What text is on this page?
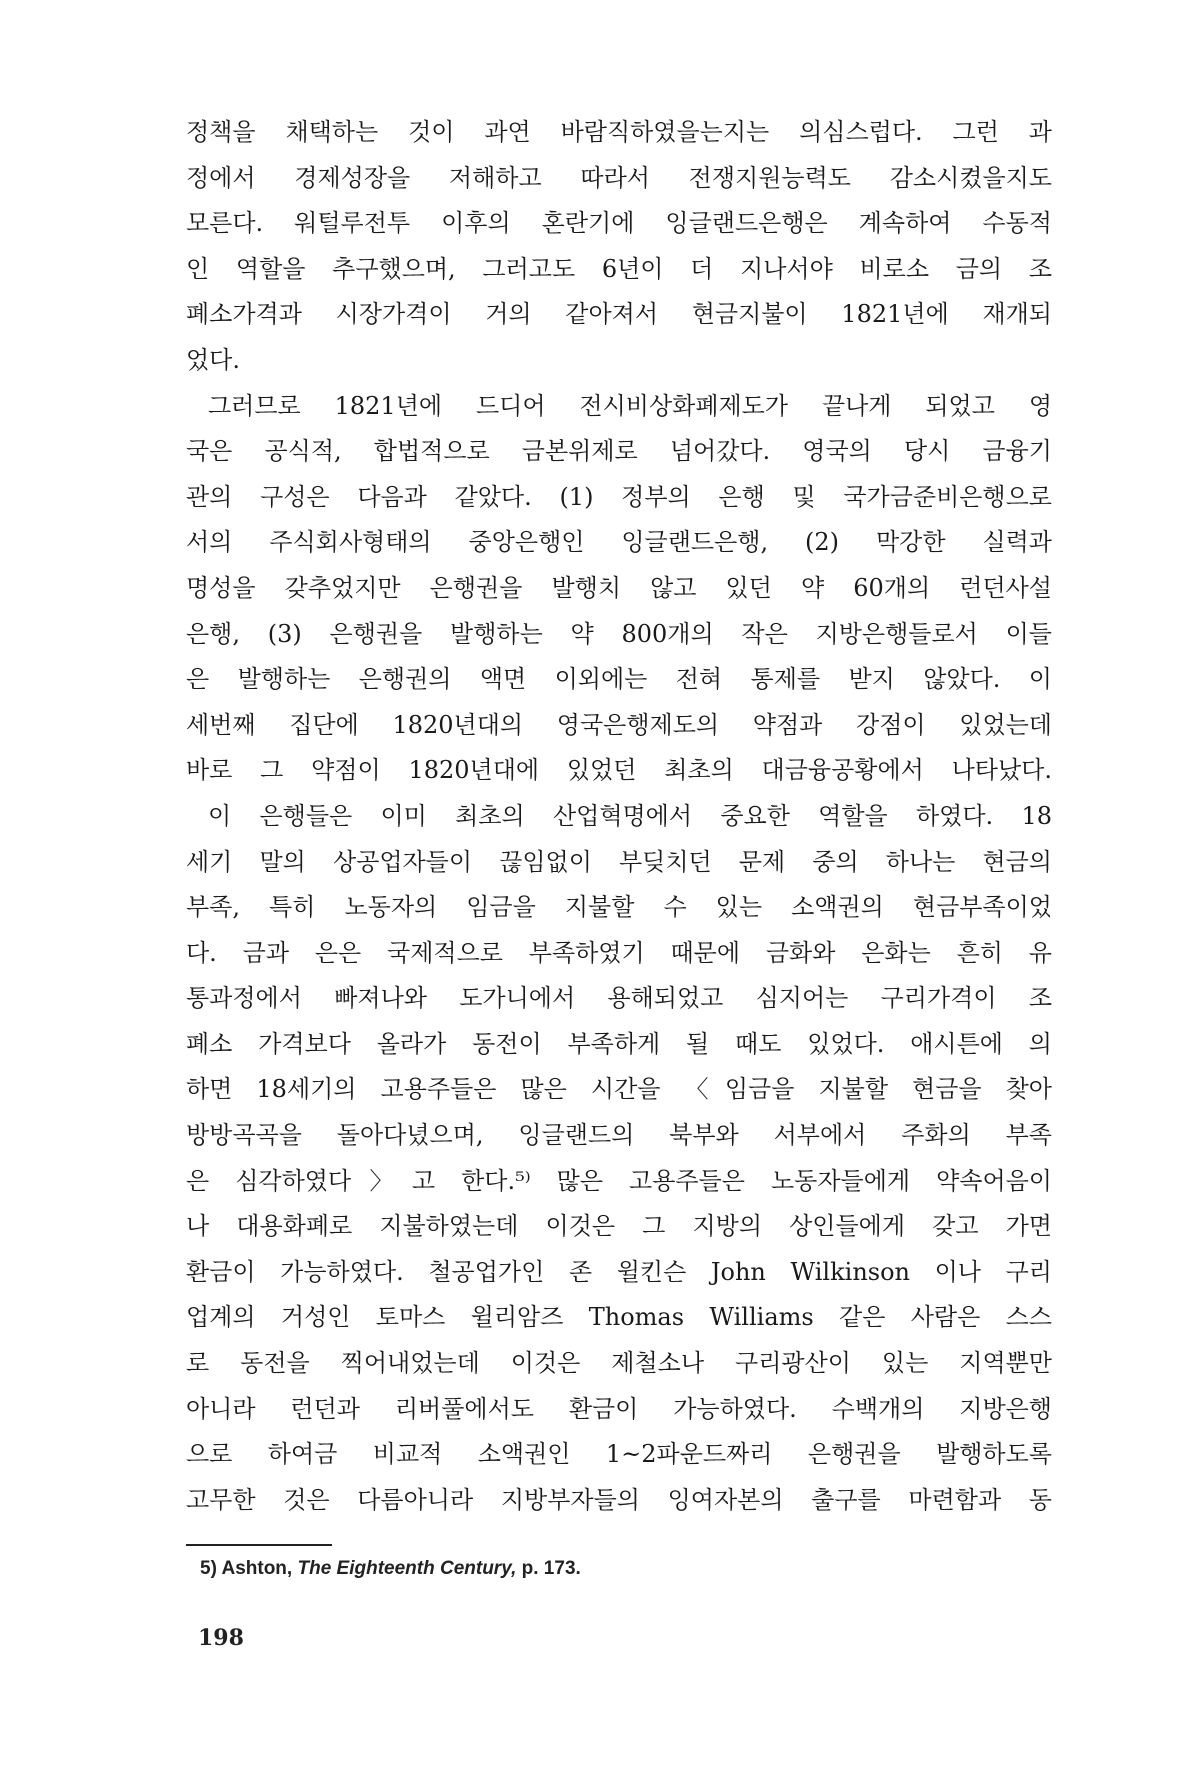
정책을 채택하는 것이 과연 바람직하였을는지는 의심스럽다. 그런 과
정에서 경제성장을 저해하고 따라서 전쟁지원능력도 감소시켰을지도
모른다. 워털루전투 이후의 혼란기에 잉글랜드은행은 계속하여 수동적
인 역할을 추구했으며, 그러고도 6년이 더 지나서야 비로소 금의 조
폐소가격과 시장가격이 거의 같아져서 현금지불이 1821년에 재개되
었다.
그러므로 1821년에 드디어 전시비상화폐제도가 끝나게 되었고 영
국은 공식적, 합법적으로 금본위제로 넘어갔다. 영국의 당시 금융기
관의 구성은 다음과 같았다. (1) 정부의 은행 및 국가금준비은행으로
서의 주식회사형태의 중앙은행인 잉글랜드은행, (2) 막강한 실력과
명성을 갖추었지만 은행권을 발행치 않고 있던 약 60개의 런던사설
은행, (3) 은행권을 발행하는 약 800개의 작은 지방은행들로서 이들
은 발행하는 은행권의 액면 이외에는 전혀 통제를 받지 않았다. 이
세번째 집단에 1820년대의 영국은행제도의 약점과 강점이 있었는데
바로 그 약점이 1820년대에 있었던 최초의 대금융공황에서 나타났다.
이 은행들은 이미 최초의 산업혁명에서 중요한 역할을 하였다. 18
세기 말의 상공업자들이 끊임없이 부딪치던 문제 중의 하나는 현금의
부족, 특히 노동자의 임금을 지불할 수 있는 소액권의 현금부족이었
다. 금과 은은 국제적으로 부족하였기 때문에 금화와 은화는 흔히 유
통과정에서 빠져나와 도가니에서 용해되었고 심지어는 구리가격이 조
폐소 가격보다 올라가 동전이 부족하게 될 때도 있었다. 애시튼에 의
하면 18세기의 고용주들은 많은 시간을 〈임금을 지불할 현금을 찾아
방방곡곡을 돌아다녔으며, 잉글랜드의 북부와 서부에서 주화의 부족
은 심각하였다〉고 한다.⁵⁾ 많은 고용주들은 노동자들에게 약속어음이
나 대용화폐로 지불하였는데 이것은 그 지방의 상인들에게 갖고 가면
환금이 가능하였다. 철공업가인 존 윌킨슨 John Wilkinson 이나 구리
업계의 거성인 토마스 윌리암즈 Thomas Williams 같은 사람은 스스
로 동전을 찍어내었는데 이것은 제철소나 구리광산이 있는 지역뿐만
아니라 런던과 리버풀에서도 환금이 가능하였다. 수백개의 지방은행
으로 하여금 비교적 소액권인 1~2파운드짜리 은행권을 발행하도록
고무한 것은 다름아니라 지방부자들의 잉여자본의 출구를 마련함과 동
5) Ashton, The Eighteenth Century, p. 173.
198
